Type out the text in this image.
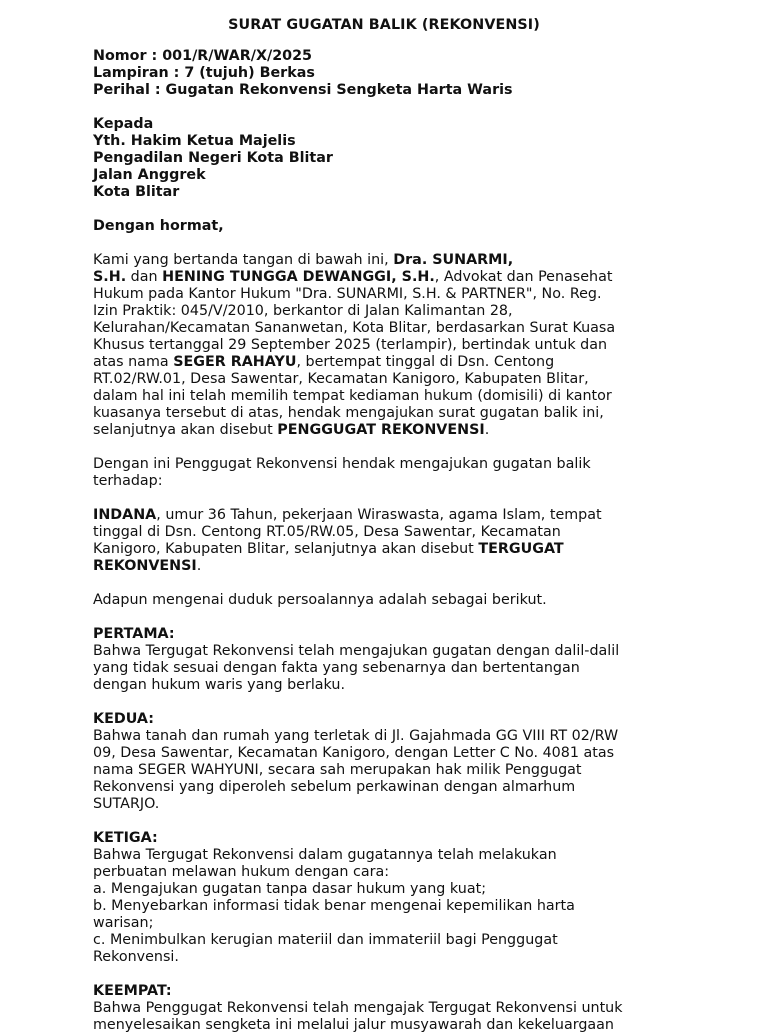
SURAT GUGATAN BALIK (REKONVENSI)
Nomor : 001/R/WAR/X/2025
Lampiran : 7 (tujuh) Berkas
Perihal : Gugatan Rekonvensi Sengketa Harta Waris
Kepada
Yth. Hakim Ketua Majelis
Pengadilan Negeri Kota Blitar
Jalan Anggrek
Kota Blitar
Dengan hormat,
Kami yang bertanda tangan di bawah ini, Dra. SUNARMI,
S.H. dan HENING TUNGGA DEWANGGI, S.H., Advokat dan Penasehat
Hukum pada Kantor Hukum "Dra. SUNARMI, S.H. & PARTNER", No. Reg.
Izin Praktik: 045/V/2010, berkantor di Jalan Kalimantan 28,
Kelurahan/Kecamatan Sananwetan, Kota Blitar, berdasarkan Surat Kuasa
Khusus tertanggal 29 September 2025 (terlampir), bertindak untuk dan
atas nama SEGER RAHAYU, bertempat tinggal di Dsn. Centong
RT.02/RW.01, Desa Sawentar, Kecamatan Kanigoro, Kabupaten Blitar,
dalam hal ini telah memilih tempat kediaman hukum (domisili) di kantor
kuasanya tersebut di atas, hendak mengajukan surat gugatan balik ini,
selanjutnya akan disebut PENGGUGAT REKONVENSI.
Dengan ini Penggugat Rekonvensi hendak mengajukan gugatan balik
terhadap:
INDANA, umur 36 Tahun, pekerjaan Wiraswasta, agama Islam, tempat
tinggal di Dsn. Centong RT.05/RW.05, Desa Sawentar, Kecamatan
Kanigoro, Kabupaten Blitar, selanjutnya akan disebut TERGUGAT
REKONVENSI.
Adapun mengenai duduk persoalannya adalah sebagai berikut.
PERTAMA:
Bahwa Tergugat Rekonvensi telah mengajukan gugatan dengan dalil-dalil
yang tidak sesuai dengan fakta yang sebenarnya dan bertentangan
dengan hukum waris yang berlaku.
KEDUA:
Bahwa tanah dan rumah yang terletak di Jl. Gajahmada GG VIII RT 02/RW
09, Desa Sawentar, Kecamatan Kanigoro, dengan Letter C No. 4081 atas
nama SEGER WAHYUNI, secara sah merupakan hak milik Penggugat
Rekonvensi yang diperoleh sebelum perkawinan dengan almarhum
SUTARJO.
KETIGA:
Bahwa Tergugat Rekonvensi dalam gugatannya telah melakukan
perbuatan melawan hukum dengan cara:
a. Mengajukan gugatan tanpa dasar hukum yang kuat;
b. Menyebarkan informasi tidak benar mengenai kepemilikan harta
warisan;
c. Menimbulkan kerugian materiil dan immateriil bagi Penggugat
Rekonvensi.
KEEMPAT:
Bahwa Penggugat Rekonvensi telah mengajak Tergugat Rekonvensi untuk
menyelesaikan sengketa ini melalui jalur musyawarah dan kekeluargaan
